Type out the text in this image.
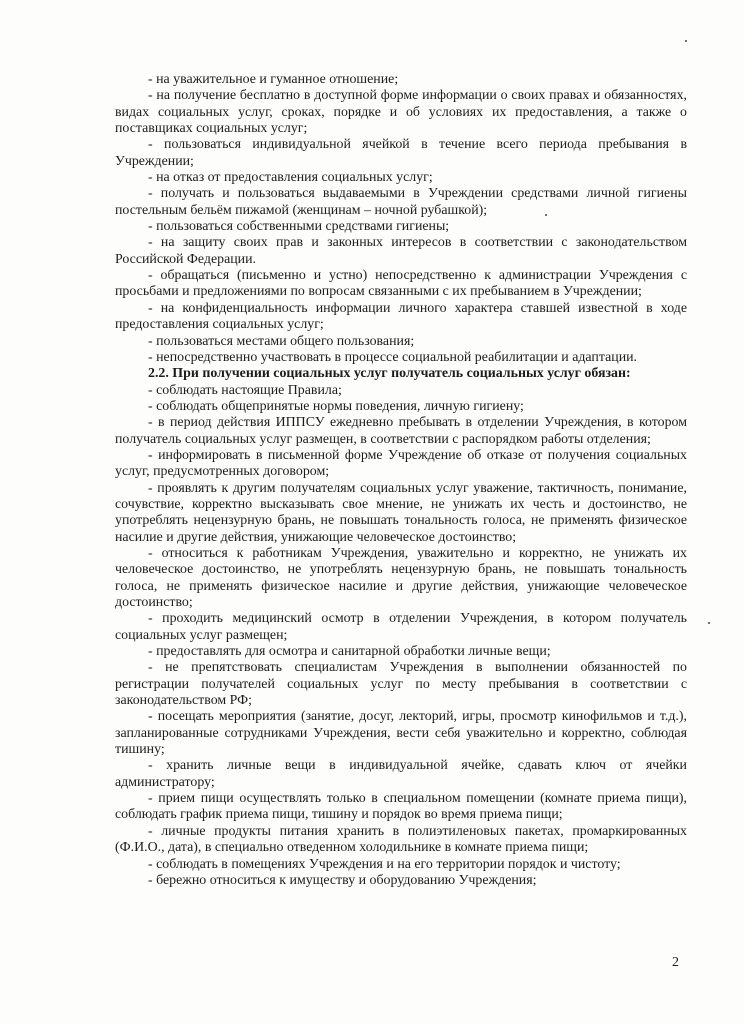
- на уважительное и гуманное отношение;

- на получение бесплатно в доступной форме информации о своих правах и обязанностях, видах социальных услуг, сроках, порядке и об условиях их предоставления, а также о поставщиках социальных услуг;

- пользоваться индивидуальной ячейкой в течение всего периода пребывания в Учреждении;

- на отказ от предоставления социальных услуг;

- получать и пользоваться выдаваемыми в Учреждении средствами личной гигиены постельным бельём пижамой (женщинам – ночной рубашкой);

- пользоваться собственными средствами гигиены;

- на защиту своих прав и законных интересов в соответствии с законодательством Российской Федерации.

- обращаться (письменно и устно) непосредственно к администрации Учреждения с просьбами и предложениями по вопросам связанными с их пребыванием в Учреждении;

- на конфиденциальность информации личного характера ставшей известной в ходе предоставления социальных услуг;

- пользоваться местами общего пользования;

- непосредственно участвовать в процессе социальной реабилитации и адаптации.

2.2. При получении социальных услуг получатель социальных услуг обязан:

- соблюдать настоящие Правила;

- соблюдать общепринятые нормы поведения, личную гигиену;

- в период действия ИППСУ ежедневно пребывать в отделении Учреждения, в котором получатель социальных услуг размещен, в соответствии с распорядком работы отделения;

- информировать в письменной форме Учреждение об отказе от получения социальных услуг, предусмотренных договором;

- проявлять к другим получателям социальных услуг уважение, тактичность, понимание, сочувствие, корректно высказывать свое мнение, не унижать их честь и достоинство, не употреблять нецензурную брань, не повышать тональность голоса, не применять физическое насилие и другие действия, унижающие человеческое достоинство;

- относиться к работникам Учреждения, уважительно и корректно, не унижать их человеческое достоинство, не употреблять нецензурную брань, не повышать тональность голоса, не применять физическое насилие и другие действия, унижающие человеческое достоинство;

- проходить медицинский осмотр в отделении Учреждения, в котором получатель социальных услуг размещен;

- предоставлять для осмотра и санитарной обработки личные вещи;

- не препятствовать специалистам Учреждения в выполнении обязанностей по регистрации получателей социальных услуг по месту пребывания в соответствии с законодательством РФ;

- посещать мероприятия (занятие, досуг, лекторий, игры, просмотр кинофильмов и т.д.), запланированные сотрудниками Учреждения, вести себя уважительно и корректно, соблюдая тишину;

- хранить личные вещи в индивидуальной ячейке, сдавать ключ от ячейки администратору;

- прием пищи осуществлять только в специальном помещении (комнате приема пищи), соблюдать график приема пищи, тишину и порядок во время приема пищи;

- личные продукты питания хранить в полиэтиленовых пакетах, промаркированных (Ф.И.О., дата), в специально отведенном холодильнике в комнате приема пищи;

- соблюдать в помещениях Учреждения и на его территории порядок и чистоту;

- бережно относиться к имуществу и оборудованию Учреждения;

2
